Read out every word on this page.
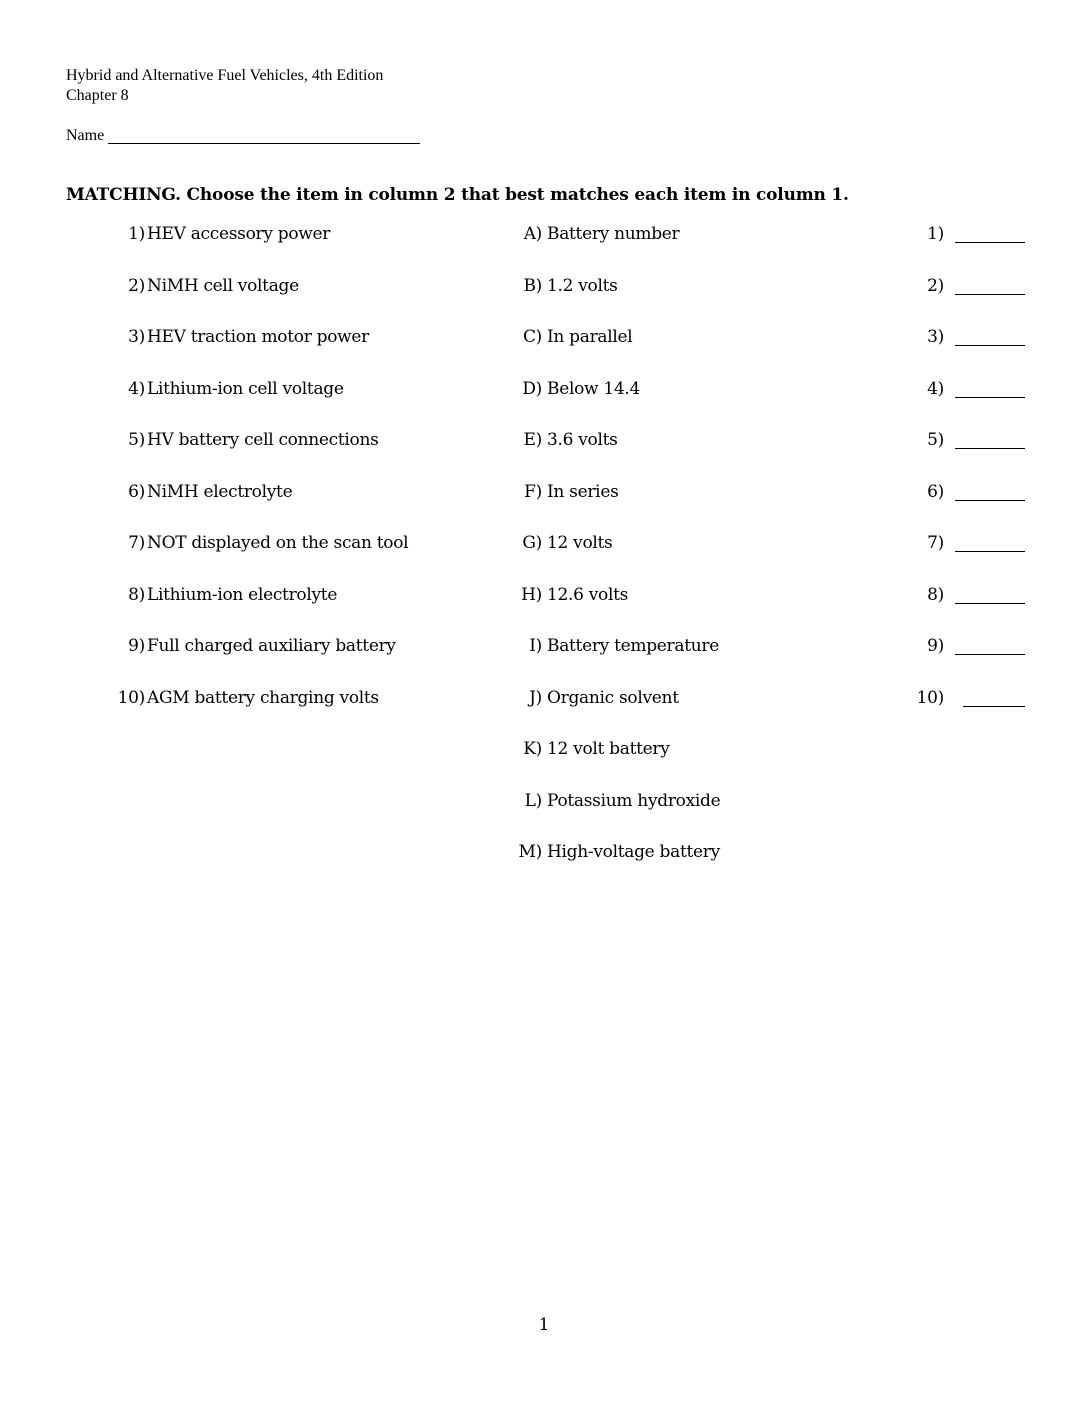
Hybrid and Alternative Fuel Vehicles, 4th Edition
Chapter 8
Name
MATCHING. Choose the item in column 2 that best matches each item in column 1.
1) HEV accessory power
2) NiMH cell voltage
3) HEV traction motor power
4) Lithium-ion cell voltage
5) HV battery cell connections
6) NiMH electrolyte
7) NOT displayed on the scan tool
8) Lithium-ion electrolyte
9) Full charged auxiliary battery
10) AGM battery charging volts
A) Battery number
B) 1.2 volts
C) In parallel
D) Below 14.4
E) 3.6 volts
F) In series
G) 12 volts
H) 12.6 volts
I) Battery temperature
J) Organic solvent
K) 12 volt battery
L) Potassium hydroxide
M) High-voltage battery
1)
2)
3)
4)
5)
6)
7)
8)
9)
10)
1
